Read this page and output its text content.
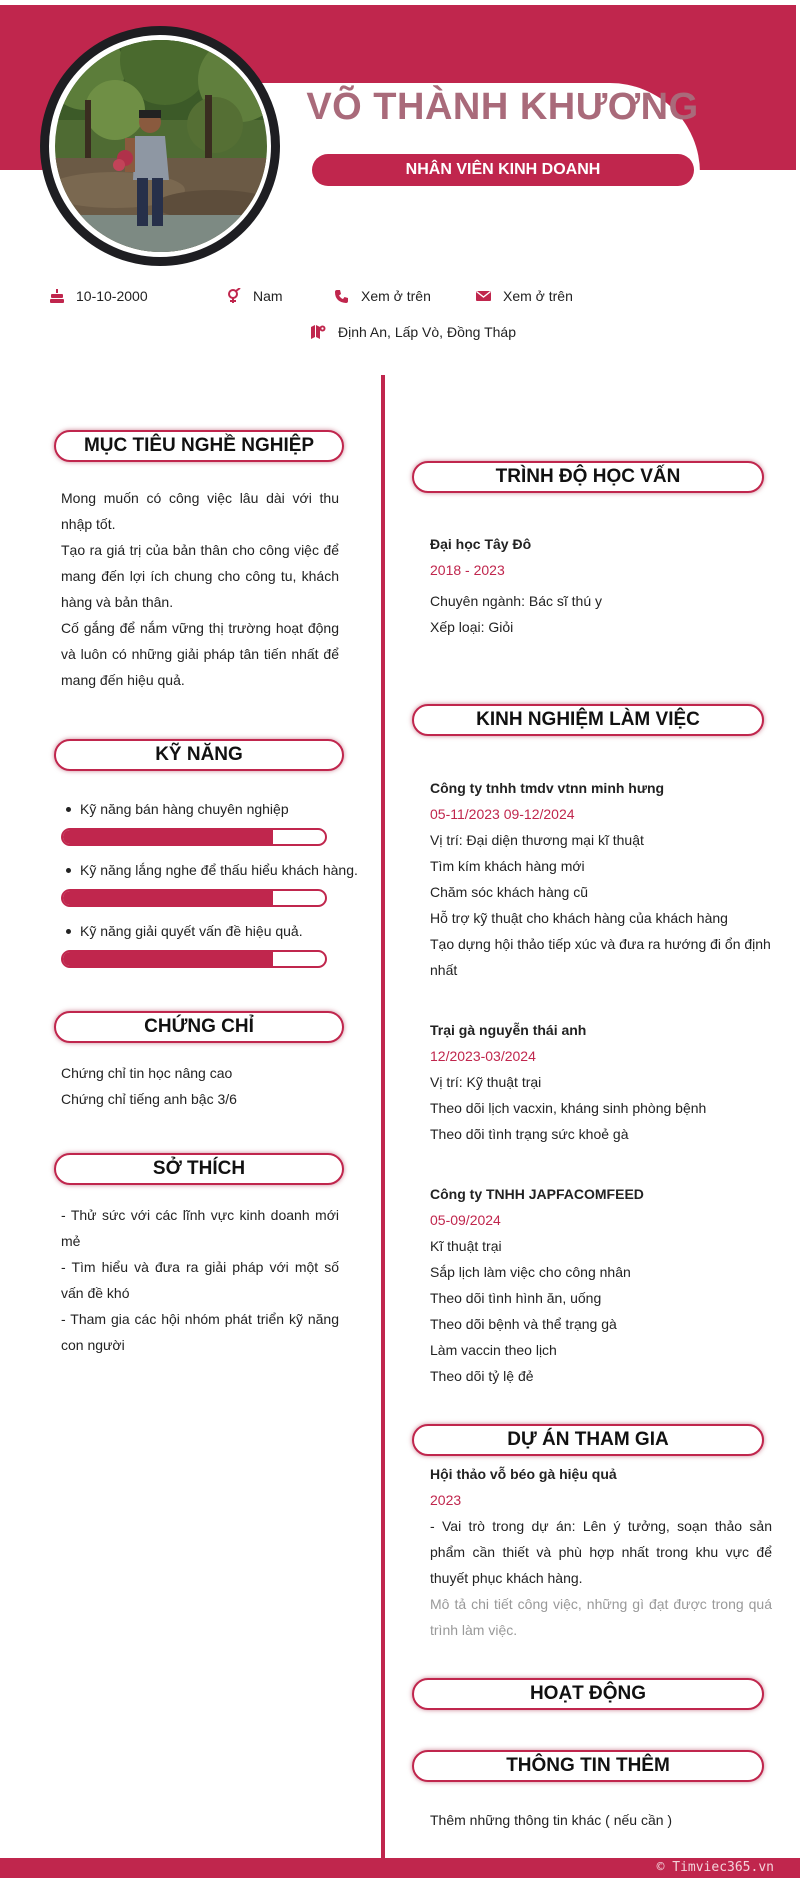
VÕ THÀNH KHƯƠNG
NHÂN VIÊN KINH DOANH
10-10-2000	Nam	Xem ở trên	Xem ở trên
Định An, Lấp Vò, Đồng Tháp
MỤC TIÊU NGHỀ NGHIỆP
Mong muốn có công việc lâu dài với thu nhập tốt.
Tạo ra giá trị của bản thân cho công việc để mang đến lợi ích chung cho công tu, khách hàng và bản thân.
Cố gắng để nắm vững thị trường hoạt động và luôn có những giải pháp tân tiến nhất để mang đến hiệu quả.
KỸ NĂNG
Kỹ năng bán hàng chuyên nghiệp
Kỹ năng lắng nghe để thấu hiểu khách hàng.
Kỹ năng giải quyết vấn đề hiệu quả.
CHỨNG CHỈ
Chứng chỉ tin học nâng cao
Chứng chỉ tiếng anh bậc 3/6
SỞ THÍCH
- Thử sức với các lĩnh vực kinh doanh mới mẻ
- Tìm hiểu và đưa ra giải pháp với một số vấn đề khó
- Tham gia các hội nhóm phát triển kỹ năng con người
TRÌNH ĐỘ HỌC VẤN
Đại học Tây Đô
2018 - 2023
Chuyên ngành: Bác sĩ thú y
Xếp loại: Giỏi
KINH NGHIỆM LÀM VIỆC
Công ty tnhh tmdv vtnn minh hưng
05-11/2023 09-12/2024
Vị trí: Đại diện thương mại kĩ thuật
Tìm kím khách hàng mới
Chăm sóc khách hàng cũ
Hỗ trợ kỹ thuật cho khách hàng của khách hàng
Tạo dựng hội thảo tiếp xúc và đưa ra hướng đi ổn định nhất
Trại gà nguyễn thái anh
12/2023-03/2024
Vị trí: Kỹ thuật trại
Theo dõi lịch vacxin, kháng sinh phòng bệnh
Theo dõi tình trạng sức khoẻ gà
Công ty TNHH JAPFACOMFEED
05-09/2024
Kĩ thuật trại
Sắp lịch làm việc cho công nhân
Theo dõi tình hình ăn, uống
Theo dõi bệnh và thể trạng gà
Làm vaccin theo lịch
Theo dõi tỷ lệ đẻ
DỰ ÁN THAM GIA
Hội thảo vỗ béo gà hiệu quả
2023
- Vai trò trong dự án: Lên ý tưởng, soạn thảo sản phẩm cần thiết và phù hợp nhất trong khu vực để thuyết phục khách hàng.
Mô tả chi tiết công việc, những gì đạt được trong quá trình làm việc.
HOẠT ĐỘNG
THÔNG TIN THÊM
Thêm những thông tin khác ( nếu cần )
© Timviec365.vn
